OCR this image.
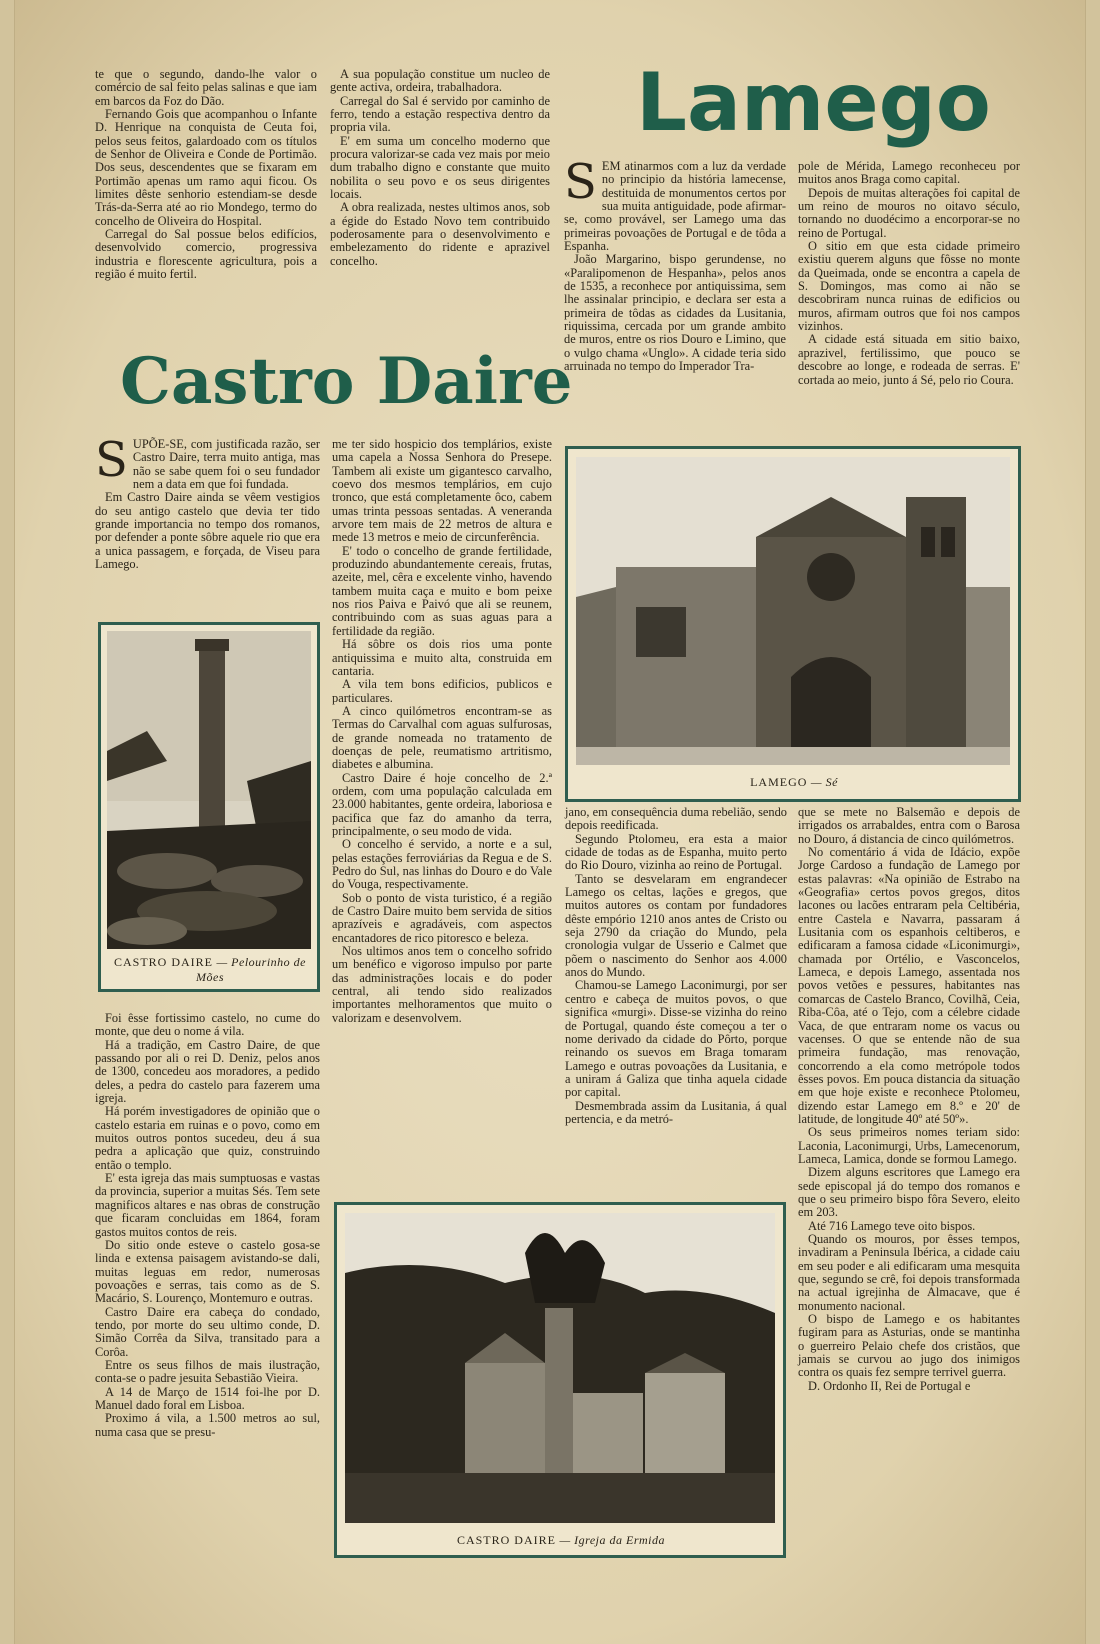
te que o segundo, dando-lhe valor o comércio de sal feito pelas salinas e que iam em barcos da Foz do Dão.

Fernando Gois que acompanhou o Infante D. Henrique na conquista de Ceuta foi, pelos seus feitos, galardoado com os títulos de Senhor de Oliveira e Conde de Portimão. Dos seus, descendentes que se fixaram em Portimão apenas um ramo aqui ficou. Os limites dêste senhorio estendiam-se desde Trás-da-Serra até ao rio Mondego, termo do concelho de Oliveira do Hospital.

Carregal do Sal possue belos edifícios, desenvolvido comercio, progressiva industria e florescente agricultura, pois a região é muito fertil.

A sua população constitue um nucleo de gente activa, ordeira, trabalhadora.

Carregal do Sal é servido por caminho de ferro, tendo a estação respectiva dentro da propria vila.

E' em suma um concelho moderno que procura valorizar-se cada vez mais por meio dum trabalho digno e constante que muito nobilita o seu povo e os seus dirigentes locais.

A obra realizada, nestes ultimos anos, sob a égide do Estado Novo tem contribuido poderosamente para o desenvolvimento e embelezamento do ridente e aprazivel concelho.

Lamego

SEM atinarmos com a luz da verdade no principio da história lamecense, destituida de monumentos certos por sua muita antiguidade, pode afirmar-se, como provável, ser Lamego uma das primeiras povoações de Portugal e de tôda a Espanha.

João Margarino, bispo gerundense, no «Paralipomenon de Hespanha», pelos anos de 1535, a reconhece por antiquissima, sem lhe assinalar principio, e declara ser esta a primeira de tôdas as cidades da Lusitania, riquissima, cercada por um grande ambito de muros, entre os rios Douro e Limino, que o vulgo chama «Unglo». A cidade teria sido arruinada no tempo do Imperador Tra-

pole de Mérida, Lamego reconheceu por muitos anos Braga como capital.

Depois de muitas alterações foi capital de um reino de mouros no oitavo século, tornando no duodécimo a encorporar-se no reino de Portugal.

O sitio em que esta cidade primeiro existiu querem alguns que fôsse no monte da Queimada, onde se encontra a capela de S. Domingos, mas como ai não se descobriram nunca ruinas de edificios ou muros, afirmam outros que foi nos campos vizinhos.

A cidade está situada em sitio baixo, aprazivel, fertilissimo, que pouco se descobre ao longe, e rodeada de serras. E' cortada ao meio, junto á Sé, pelo rio Coura.

Castro Daire

SUPÕE-SE, com justificada razão, ser Castro Daire, terra muito antiga, mas não se sabe quem foi o seu fundador nem a data em que foi fundada.

Em Castro Daire ainda se vêem vestigios do seu antigo castelo que devia ter tido grande importancia no tempo dos romanos, por defender a ponte sôbre aquele rio que era a unica passagem, e forçada, de Viseu para Lamego.

CASTRO DAIRE — Pelourinho de Mões

Foi êsse fortissimo castelo, no cume do monte, que deu o nome á vila.

Há a tradição, em Castro Daire, de que passando por ali o rei D. Deniz, pelos anos de 1300, concedeu aos moradores, a pedido deles, a pedra do castelo para fazerem uma igreja.

Há porém investigadores de opinião que o castelo estaria em ruinas e o povo, como em muitos outros pontos sucedeu, deu á sua pedra a aplicação que quiz, construindo então o templo.

E' esta igreja das mais sumptuosas e vastas da provincia, superior a muitas Sés. Tem sete magnificos altares e nas obras de construção que ficaram concluidas em 1864, foram gastos muitos contos de reis.

Do sitio onde esteve o castelo gosa-se linda e extensa paisagem avistando-se dali, muitas leguas em redor, numerosas povoações e serras, tais como as de S. Macário, S. Lourenço, Montemuro e outras.

Castro Daire era cabeça do condado, tendo, por morte do seu ultimo conde, D. Simão Corrêa da Silva, transitado para a Corôa.

Entre os seus filhos de mais ilustração, conta-se o padre jesuita Sebastião Vieira.

A 14 de Março de 1514 foi-lhe por D. Manuel dado foral em Lisboa.

Proximo á vila, a 1.500 metros ao sul, numa casa que se presu-

me ter sido hospicio dos templários, existe uma capela a Nossa Senhora do Presepe. Tambem ali existe um gigantesco carvalho, coevo dos mesmos templários, em cujo tronco, que está completamente ôco, cabem umas trinta pessoas sentadas. A veneranda arvore tem mais de 22 metros de altura e mede 13 metros e meio de circunferência.

E' todo o concelho de grande fertilidade, produzindo abundantemente cereais, frutas, azeite, mel, cêra e excelente vinho, havendo tambem muita caça e muito e bom peixe nos rios Paiva e Paivó que ali se reunem, contribuindo com as suas aguas para a fertilidade da região.

Há sôbre os dois rios uma ponte antiquissima e muito alta, construida em cantaria.

A vila tem bons edificios, publicos e particulares.

A cinco quilómetros encontram-se as Termas do Carvalhal com aguas sulfurosas, de grande nomeada no tratamento de doenças de pele, reumatismo artritismo, diabetes e albumina.

Castro Daire é hoje concelho de 2.ª ordem, com uma população calculada em 23.000 habitantes, gente ordeira, laboriosa e pacifica que faz do amanho da terra, principalmente, o seu modo de vida.

O concelho é servido, a norte e a sul, pelas estações ferroviárias da Regua e de S. Pedro do Sul, nas linhas do Douro e do Vale do Vouga, respectivamente.

Sob o ponto de vista turistico, é a região de Castro Daire muito bem servida de sitios aprazíveis e agradáveis, com aspectos encantadores de rico pitoresco e beleza.

Nos ultimos anos tem o concelho sofrido um benéfico e vigoroso impulso por parte das administrações locais e do poder central, ali tendo sido realizados importantes melhoramentos que muito o valorizam e desenvolvem.

LAMEGO — Sé

jano, em consequência duma rebelião, sendo depois reedificada.

Segundo Ptolomeu, era esta a maior cidade de todas as de Espanha, muito perto do Rio Douro, vizinha ao reino de Portugal.

Tanto se desvelaram em engrandecer Lamego os celtas, lações e gregos, que muitos autores os contam por fundadores dêste empório 1210 anos antes de Cristo ou seja 2790 da criação do Mundo, pela cronologia vulgar de Usserio e Calmet que põem o nascimento do Senhor aos 4.000 anos do Mundo.

Chamou-se Lamego Laconimurgi, por ser centro e cabeça de muitos povos, o que significa «murgi». Disse-se vizinha do reino de Portugal, quando éste começou a ter o nome derivado da cidade do Pôrto, porque reinando os suevos em Braga tomaram Lamego e outras povoações da Lusitania, e a uniram á Galiza que tinha aquela cidade por capital.

Desmembrada assim da Lusitania, á qual pertencia, e da metró-

que se mete no Balsemão e depois de irrigados os arrabaldes, entra com o Barosa no Douro, á distancia de cinco quilómetros.

No comentário á vida de Idácio, expõe Jorge Cardoso a fundação de Lamego por estas palavras: «Na opinião de Estrabo na «Geografia» certos povos gregos, ditos lacones ou lacões entraram pela Celtibéria, entre Castela e Navarra, passaram á Lusitania com os espanhois celtiberos, e edificaram a famosa cidade «Liconimurgi», chamada por Ortélio, e Vasconcelos, Lameca, e depois Lamego, assentada nos povos vetões e pessures, habitantes nas comarcas de Castelo Branco, Covilhã, Ceia, Riba-Côa, até o Tejo, com a célebre cidade Vaca, de que entraram nome os vacus ou vacenses. O que se entende não de sua primeira fundação, mas renovação, concorrendo a ela como metrópole todos êsses povos. Em pouca distancia da situação em que hoje existe e reconhece Ptolomeu, dizendo estar Lamego em 8.º e 20' de latitude, de longitude 40º até 50º».

Os seus primeiros nomes teriam sido: Laconia, Laconimurgi, Urbs, Lamecenorum, Lameca, Lamica, donde se formou Lamego.

Dizem alguns escritores que Lamego era sede episcopal já do tempo dos romanos e que o seu primeiro bispo fôra Severo, eleito em 203.

Até 716 Lamego teve oito bispos.

Quando os mouros, por êsses tempos, invadiram a Peninsula Ibérica, a cidade caiu em seu poder e ali edificaram uma mesquita que, segundo se crê, foi depois transformada na actual igrejinha de Almacave, que é monumento nacional.

O bispo de Lamego e os habitantes fugiram para as Asturias, onde se mantinha o guerreiro Pelaio chefe dos cristãos, que jamais se curvou ao jugo dos inimigos contra os quais fez sempre terrivel guerra.

D. Ordonho II, Rei de Portugal e

CASTRO DAIRE — Igreja da Ermida
